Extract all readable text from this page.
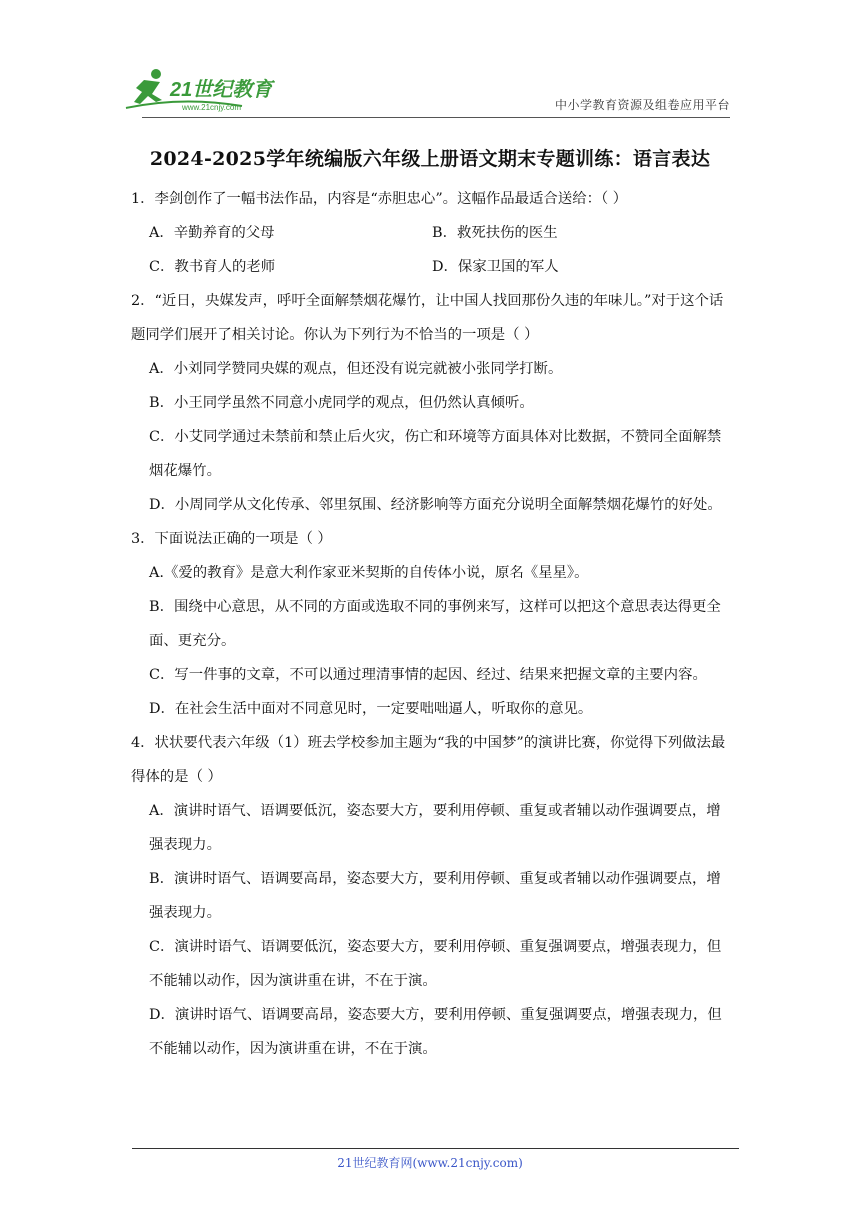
21世纪教育
www.21cnjy.com	中小学教育资源及组卷应用平台
2024-2025学年统编版六年级上册语文期末专题训练：语言表达
1．李剑创作了一幅书法作品，内容是“赤胆忠心”。这幅作品最适合送给：（ ）
A．辛勤养育的父母	B．救死扶伤的医生
C．教书育人的老师	D．保家卫国的军人
2．“近日，央媒发声，呼吁全面解禁烟花爆竹，让中国人找回那份久违的年味儿。”对于这个话题同学们展开了相关讨论。你认为下列行为不恰当的一项是（ ）
A．小刘同学赞同央媒的观点，但还没有说完就被小张同学打断。
B．小王同学虽然不同意小虎同学的观点，但仍然认真倾听。
C．小艾同学通过未禁前和禁止后火灾，伤亡和环境等方面具体对比数据，不赞同全面解禁烟花爆竹。
D．小周同学从文化传承、邻里氛围、经济影响等方面充分说明全面解禁烟花爆竹的好处。
3．下面说法正确的一项是（ ）
A.《爱的教育》是意大利作家亚米契斯的自传体小说，原名《星星》。
B．围绕中心意思，从不同的方面或选取不同的事例来写，这样可以把这个意思表达得更全面、更充分。
C．写一件事的文章，不可以通过理清事情的起因、经过、结果来把握文章的主要内容。
D．在社会生活中面对不同意见时，一定要咄咄逼人，听取你的意见。
4．状状要代表六年级（1）班去学校参加主题为“我的中国梦”的演讲比赛，你觉得下列做法最得体的是（ ）
A．演讲时语气、语调要低沉，姿态要大方，要利用停顿、重复或者辅以动作强调要点，增强表现力。
B．演讲时语气、语调要高昂，姿态要大方，要利用停顿、重复或者辅以动作强调要点，增强表现力。
C．演讲时语气、语调要低沉，姿态要大方，要利用停顿、重复强调要点，增强表现力，但不能辅以动作，因为演讲重在讲，不在于演。
D．演讲时语气、语调要高昂，姿态要大方，要利用停顿、重复强调要点，增强表现力，但不能辅以动作，因为演讲重在讲，不在于演。
21世纪教育网(www.21cnjy.com)
